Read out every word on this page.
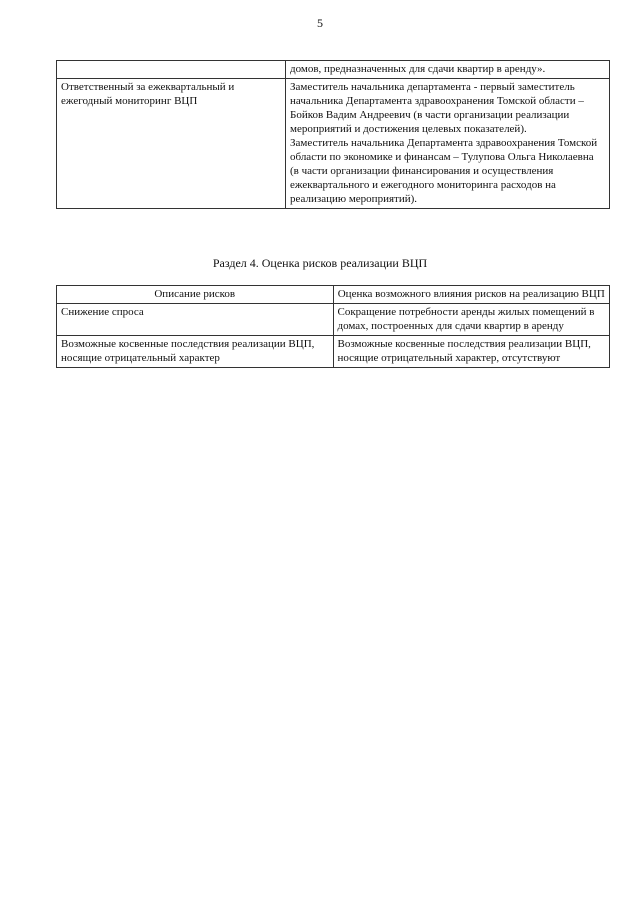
5
	домов, предназначенных для сдачи квартир в аренду».
Ответственный за ежеквартальный и ежегодный мониторинг ВЦП	Заместитель начальника департамента - первый заместитель начальника Департамента здравоохранения Томской области – Бойков Вадим Андреевич (в части организации реализации мероприятий и достижения целевых показателей).
Заместитель начальника Департамента здравоохранения Томской области по экономике и финансам – Тулупова Ольга Николаевна (в части организации финансирования и осуществления ежеквартального и ежегодного мониторинга расходов на реализацию мероприятий).
Раздел 4. Оценка рисков реализации ВЦП
Описание рисков	Оценка возможного влияния рисков на реализацию ВЦП
Снижение спроса	Сокращение потребности аренды жилых помещений в домах, построенных для сдачи квартир в аренду
Возможные косвенные последствия реализации ВЦП, носящие отрицательный характер	Возможные косвенные последствия реализации ВЦП, носящие отрицательный характер, отсутствуют
